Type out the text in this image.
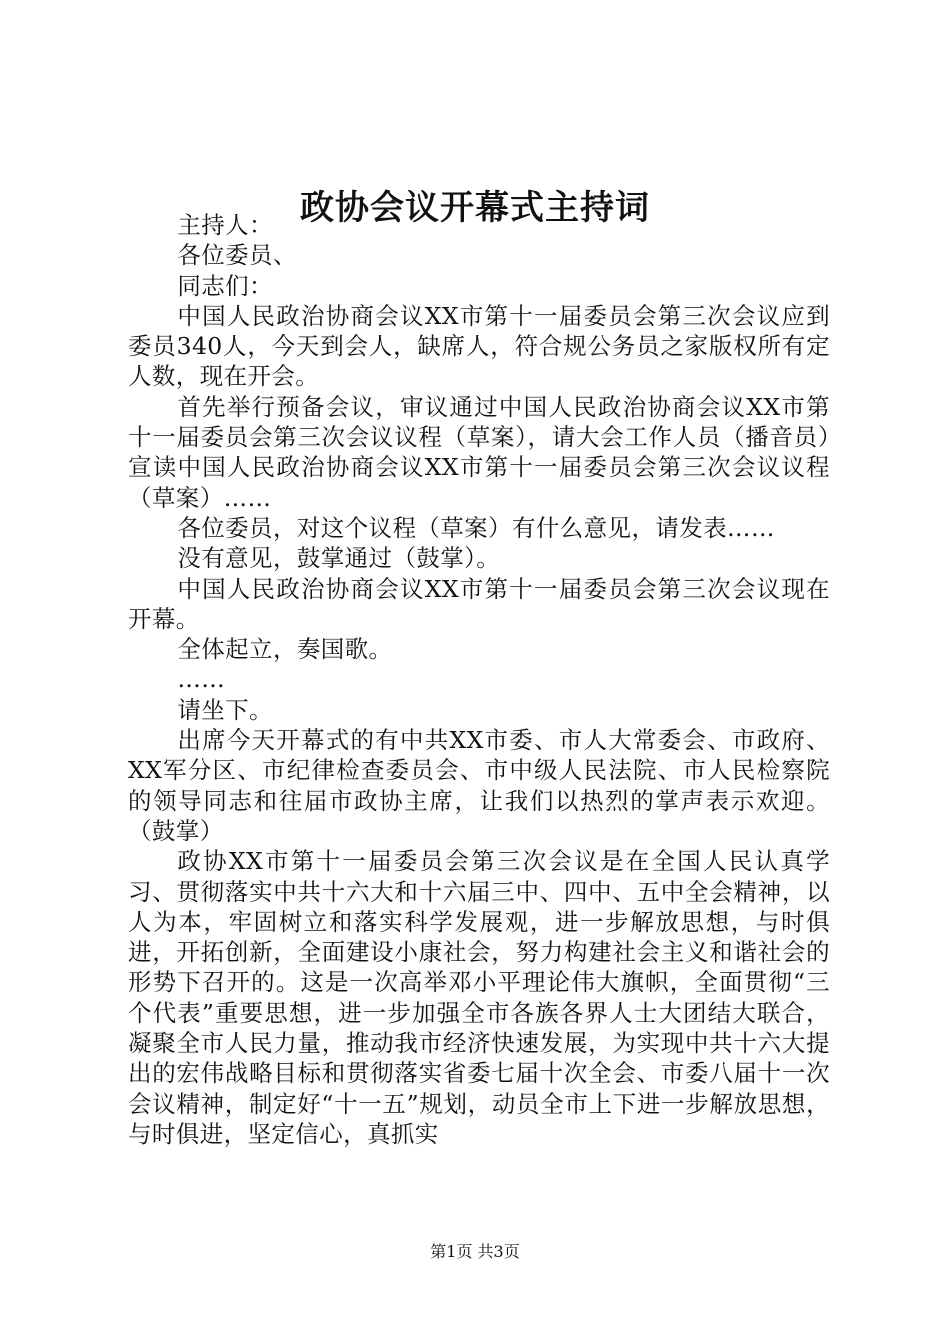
政协会议开幕式主持词

主持人：

各位委员、

同志们：

中国人民政治协商会议XX市第十一届委员会第三次会议应到委员340人，今天到会人，缺席人，符合规公务员之家版权所有定人数，现在开会。

首先举行预备会议，审议通过中国人民政治协商会议XX市第十一届委员会第三次会议议程（草案），请大会工作人员（播音员）宣读中国人民政治协商会议XX市第十一届委员会第三次会议议程（草案）……

各位委员，对这个议程（草案）有什么意见，请发表……

没有意见，鼓掌通过（鼓掌）。

中国人民政治协商会议XX市第十一届委员会第三次会议现在开幕。

全体起立，奏国歌。

……

请坐下。

出席今天开幕式的有中共XX市委、市人大常委会、市政府、XX军分区、市纪律检查委员会、市中级人民法院、市人民检察院的领导同志和往届市政协主席，让我们以热烈的掌声表示欢迎。（鼓掌）

政协XX市第十一届委员会第三次会议是在全国人民认真学习、贯彻落实中共十六大和十六届三中、四中、五中全会精神，以人为本，牢固树立和落实科学发展观，进一步解放思想，与时俱进，开拓创新，全面建设小康社会，努力构建社会主义和谐社会的形势下召开的。这是一次高举邓小平理论伟大旗帜，全面贯彻“三个代表”重要思想，进一步加强全市各族各界人士大团结大联合，凝聚全市人民力量，推动我市经济快速发展，为实现中共十六大提出的宏伟战略目标和贯彻落实省委七届十次全会、市委八届十一次会议精神，制定好“十一五”规划，动员全市上下进一步解放思想，与时俱进，坚定信心，真抓实

第1页 共3页
